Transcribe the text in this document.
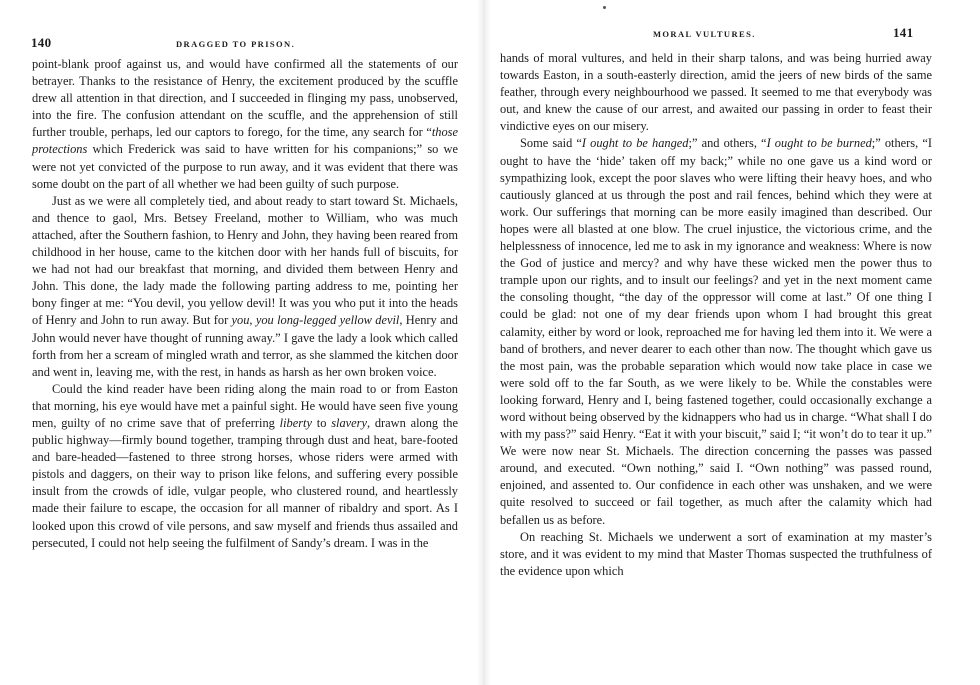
140	DRAGGED TO PRISON.

point-blank proof against us, and would have confirmed all the statements of our betrayer. Thanks to the resistance of Henry, the excitement produced by the scuffle drew all attention in that direction, and I succeeded in flinging my pass, unobserved, into the fire. The confusion attendant on the scuffle, and the apprehension of still further trouble, perhaps, led our captors to forego, for the time, any search for “those protections which Frederick was said to have written for his companions;” so we were not yet convicted of the purpose to run away, and it was evident that there was some doubt on the part of all whether we had been guilty of such purpose.

Just as we were all completely tied, and about ready to start toward St. Michaels, and thence to gaol, Mrs. Betsey Freeland, mother to William, who was much attached, after the Southern fashion, to Henry and John, they having been reared from childhood in her house, came to the kitchen door with her hands full of biscuits, for we had not had our breakfast that morning, and divided them between Henry and John. This done, the lady made the following parting address to me, pointing her bony finger at me: “You devil, you yellow devil! It was you who put it into the heads of Henry and John to run away. But for you, you long-legged yellow devil, Henry and John would never have thought of running away.” I gave the lady a look which called forth from her a scream of mingled wrath and terror, as she slammed the kitchen door and went in, leaving me, with the rest, in hands as harsh as her own broken voice.

Could the kind reader have been riding along the main road to or from Easton that morning, his eye would have met a painful sight. He would have seen five young men, guilty of no crime save that of preferring liberty to slavery, drawn along the public highway—firmly bound together, tramping through dust and heat, bare-footed and bare-headed—fastened to three strong horses, whose riders were armed with pistols and daggers, on their way to prison like felons, and suffering every possible insult from the crowds of idle, vulgar people, who clustered round, and heartlessly made their failure to escape, the occasion for all manner of ribaldry and sport. As I looked upon this crowd of vile persons, and saw myself and friends thus assailed and persecuted, I could not help seeing the fulfilment of Sandy’s dream. I was in the

MORAL VULTURES.	141

hands of moral vultures, and held in their sharp talons, and was being hurried away towards Easton, in a south-easterly direction, amid the jeers of new birds of the same feather, through every neighbourhood we passed. It seemed to me that everybody was out, and knew the cause of our arrest, and awaited our passing in order to feast their vindictive eyes on our misery.

Some said “I ought to be hanged;” and others, “I ought to be burned;” others, “I ought to have the ‘hide’ taken off my back;” while no one gave us a kind word or sympathizing look, except the poor slaves who were lifting their heavy hoes, and who cautiously glanced at us through the post and rail fences, behind which they were at work. Our sufferings that morning can be more easily imagined than described. Our hopes were all blasted at one blow. The cruel injustice, the victorious crime, and the helplessness of innocence, led me to ask in my ignorance and weakness: Where is now the God of justice and mercy? and why have these wicked men the power thus to trample upon our rights, and to insult our feelings? and yet in the next moment came the consoling thought, “the day of the oppressor will come at last.” Of one thing I could be glad: not one of my dear friends upon whom I had brought this great calamity, either by word or look, reproached me for having led them into it. We were a band of brothers, and never dearer to each other than now. The thought which gave us the most pain, was the probable separation which would now take place in case we were sold off to the far South, as we were likely to be. While the constables were looking forward, Henry and I, being fastened together, could occasionally exchange a word without being observed by the kidnappers who had us in charge. “What shall I do with my pass?” said Henry. “Eat it with your biscuit,” said I; “it won’t do to tear it up.” We were now near St. Michaels. The direction concerning the passes was passed around, and executed. “Own nothing,” said I. “Own nothing” was passed round, enjoined, and assented to. Our confidence in each other was unshaken, and we were quite resolved to succeed or fail together, as much after the calamity which had befallen us as before.

On reaching St. Michaels we underwent a sort of examination at my master’s store, and it was evident to my mind that Master Thomas suspected the truthfulness of the evidence upon which
